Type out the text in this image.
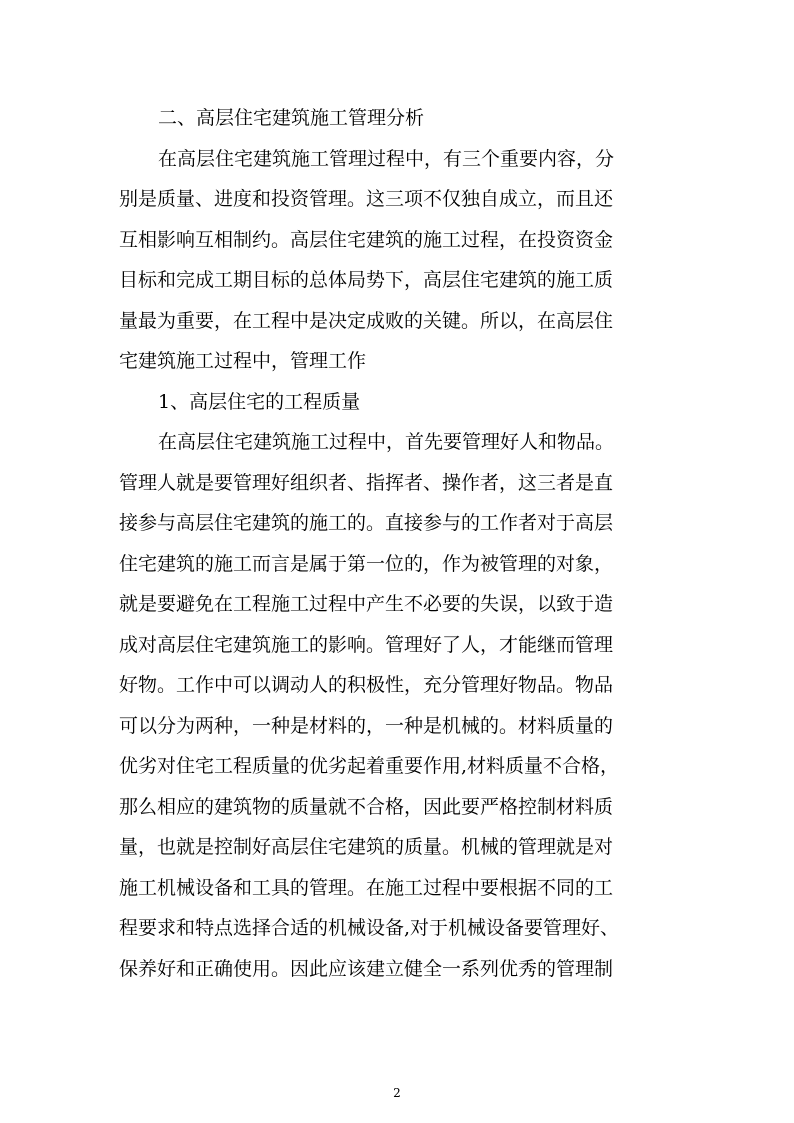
二、高层住宅建筑施工管理分析
在高层住宅建筑施工管理过程中，有三个重要内容，分
别是质量、进度和投资管理。这三项不仅独自成立，而且还
互相影响互相制约。高层住宅建筑的施工过程，在投资资金
目标和完成工期目标的总体局势下，高层住宅建筑的施工质
量最为重要，在工程中是决定成败的关键。所以，在高层住
宅建筑施工过程中，管理工作
1、高层住宅的工程质量
在高层住宅建筑施工过程中，首先要管理好人和物品。
管理人就是要管理好组织者、指挥者、操作者，这三者是直
接参与高层住宅建筑的施工的。直接参与的工作者对于高层
住宅建筑的施工而言是属于第一位的，作为被管理的对象，
就是要避免在工程施工过程中产生不必要的失误，以致于造
成对高层住宅建筑施工的影响。管理好了人，才能继而管理
好物。工作中可以调动人的积极性，充分管理好物品。物品
可以分为两种，一种是材料的，一种是机械的。材料质量的
优劣对住宅工程质量的优劣起着重要作用,材料质量不合格，
那么相应的建筑物的质量就不合格，因此要严格控制材料质
量，也就是控制好高层住宅建筑的质量。机械的管理就是对
施工机械设备和工具的管理。在施工过程中要根据不同的工
程要求和特点选择合适的机械设备,对于机械设备要管理好、
保养好和正确使用。因此应该建立健全一系列优秀的管理制
2
